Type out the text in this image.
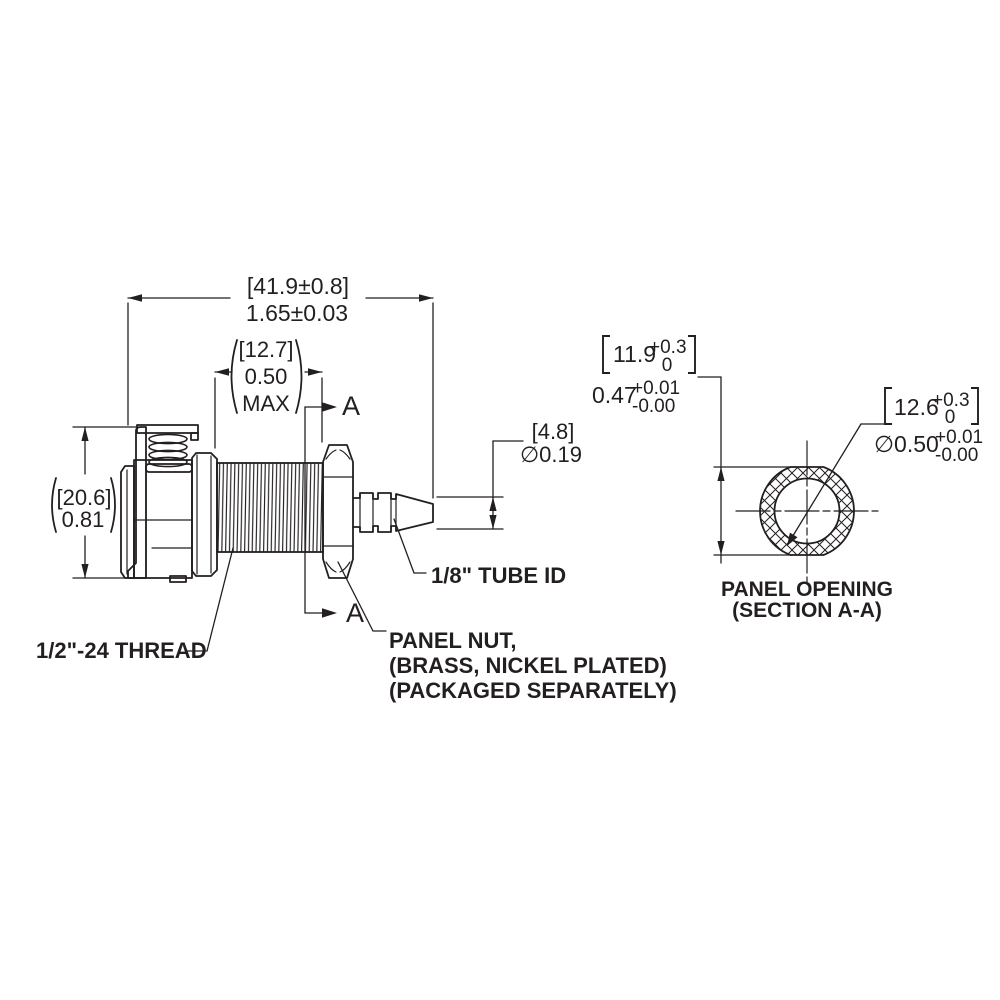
A
A
[41.9±0.8]
1.65±0.03
[12.7]
0.50
MAX
[4.8]
∅0.19
[20.6]
0.81
1/2"-24 THREAD
1/8" TUBE ID
PANEL NUT,
(BRASS, NICKEL PLATED)
(PACKAGED SEPARATELY)
11.9
+0.3
0
0.47
+0.01
-0.00	12.6
+0.3
0
∅0.50
+0.01
-0.00
PANEL OPENING
(SECTION A-A)
